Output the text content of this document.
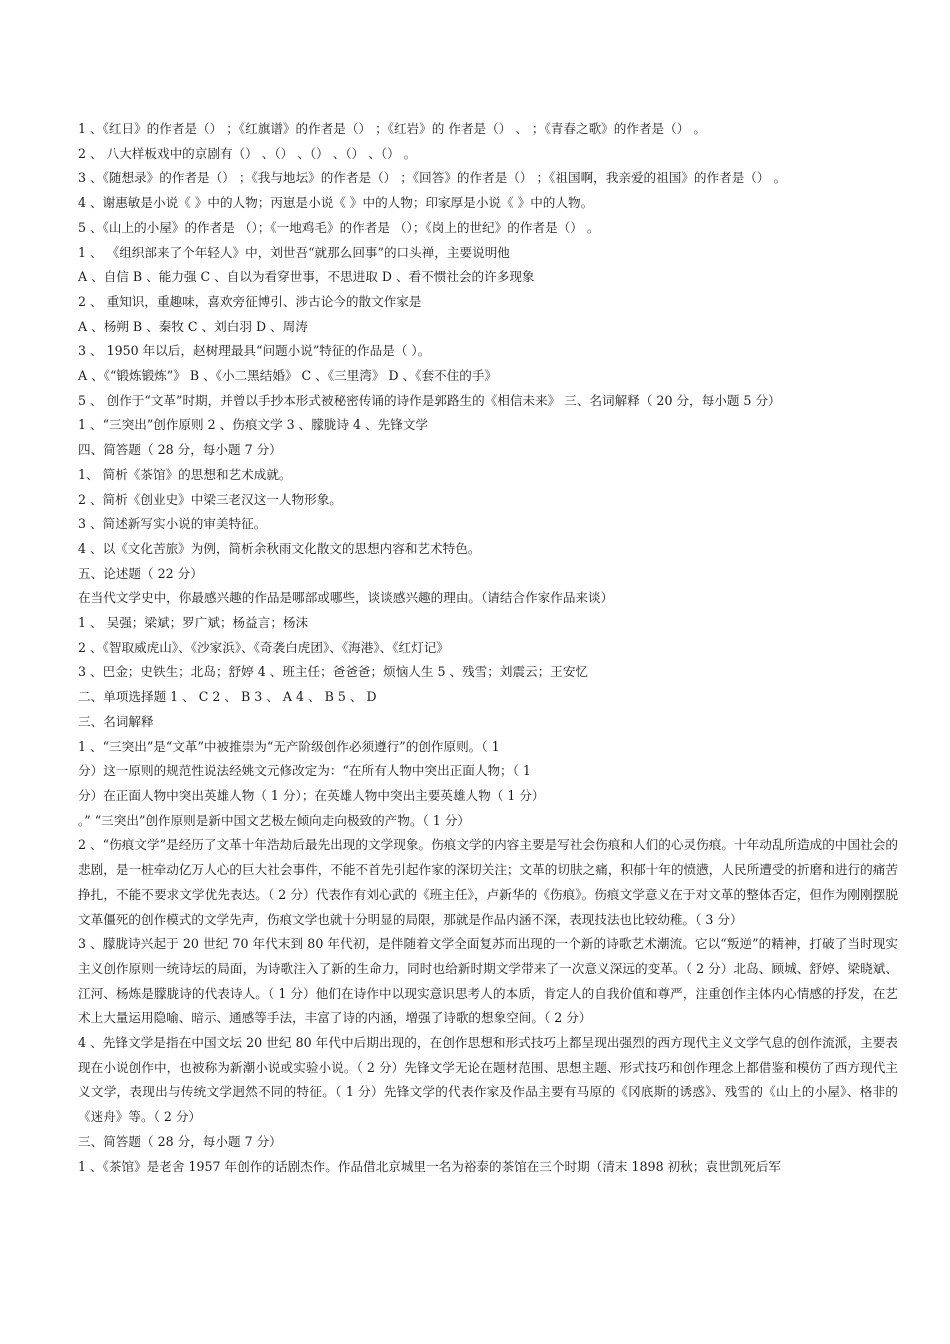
1 、《红日》的作者是（） ；《红旗谱》的作者是（） ；《红岩》的 作者是（） 、 ；《青春之歌》的作者是（） 。
2 、 八大样板戏中的京剧有（） 、（） 、（） 、（） 、（） 。
3 、《随想录》的作者是（） ；《我与地坛》的作者是（） ；《回答》的作者是（） ；《祖国啊，我亲爱的祖国》的作者是（） 。
4 、谢惠敏是小说《 》中的人物；丙崽是小说《 》中的人物；印家厚是小说《 》中的人物。
5 、《山上的小屋》的作者是 （）；《一地鸡毛》的作者是 （）；《岗上的世纪》的作者是（） 。
1 、 《组织部来了个年轻人》中，刘世吾“就那么回事”的口头禅，主要说明他
A 、自信 B 、能力强 C 、自以为看穿世事，不思进取 D 、看不惯社会的许多现象
2 、 重知识，重趣味，喜欢旁征博引、涉古论今的散文作家是
A 、杨朔 B 、秦牧 C 、刘白羽 D 、周涛
3 、 1950 年以后，赵树理最具“问题小说”特征的作品是（ ）。
A 、《“锻炼锻炼”》 B 、《小二黑结婚》 C 、《三里湾》 D 、《套不住的手》
5 、 创作于“文革”时期，并曾以手抄本形式被秘密传诵的诗作是郭路生的《相信未来》 三、名词解释（ 20 分，每小题 5 分）
1 、“三突出”创作原则 2 、伤痕文学 3 、朦胧诗 4 、先锋文学
四、简答题（ 28 分，每小题 7 分）
1、 简析《茶馆》的思想和艺术成就。
2 、简析《创业史》中梁三老汉这一人物形象。
3 、简述新写实小说的审美特征。
4 、以《文化苦旅》为例，简析余秋雨文化散文的思想内容和艺术特色。
五、论述题（ 22 分）
在当代文学史中，你最感兴趣的作品是哪部或哪些，谈谈感兴趣的理由。（请结合作家作品来谈）
1 、 吴强；梁斌；罗广斌；杨益言；杨沫
2 、《智取威虎山》、《沙家浜》、《奇袭白虎团》、《海港》、《红灯记》
3 、巴金；史铁生；北岛；舒婷 4 、班主任；爸爸爸；烦恼人生 5 、残雪；刘震云；王安忆
二、单项选择题 1 、 C 2 、 B 3 、 A 4 、 B 5 、 D
三、名词解释
1 、“三突出”是“文革”中被推崇为“无产阶级创作必须遵行”的创作原则。（ 1
分）这一原则的规范性说法经姚文元修改定为：“在所有人物中突出正面人物；（ 1
分）在正面人物中突出英雄人物（ 1 分）；在英雄人物中突出主要英雄人物（ 1 分）
。” “三突出”创作原则是新中国文艺极左倾向走向极致的产物。（ 1 分）
2 、“伤痕文学”是经历了文革十年浩劫后最先出现的文学现象。伤痕文学的内容主要是写社会伤痕和人们的心灵伤痕。十年动乱所造成的中国社会的悲剧，是一桩牵动亿万人心的巨大社会事件，不能不首先引起作家的深切关注；文革的切肤之痛，积郁十年的愤懑，人民所遭受的折磨和进行的痛苦挣扎，不能不要求文学优先表达。（ 2 分）代表作有刘心武的《班主任》，卢新华的《伤痕》。伤痕文学意义在于对文革的整体否定，但作为刚刚摆脱文革僵死的创作模式的文学先声，伤痕文学也就十分明显的局限，那就是作品内涵不深，表现技法也比较幼稚。（ 3 分）
3 、朦胧诗兴起于 20 世纪 70 年代末到 80 年代初，是伴随着文学全面复苏而出现的一个新的诗歌艺术潮流。它以“叛逆”的精神，打破了当时现实主义创作原则一统诗坛的局面，为诗歌注入了新的生命力，同时也给新时期文学带来了一次意义深远的变革。（ 2 分）北岛、顾城、舒婷、梁晓斌、江河、杨炼是朦胧诗的代表诗人。（ 1 分）他们在诗作中以现实意识思考人的本质，肯定人的自我价值和尊严，注重创作主体内心情感的抒发，在艺术上大量运用隐喻、暗示、通感等手法，丰富了诗的内涵，增强了诗歌的想象空间。（ 2 分）
4 、先锋文学是指在中国文坛 20 世纪 80 年代中后期出现的，在创作思想和形式技巧上都呈现出强烈的西方现代主义文学气息的创作流派，主要表现在小说创作中，也被称为新潮小说或实验小说。（ 2 分）先锋文学无论在题材范围、思想主题、形式技巧和创作理念上都借鉴和模仿了西方现代主义文学，表现出与传统文学迥然不同的特征。（ 1 分）先锋文学的代表作家及作品主要有马原的《冈底斯的诱惑》、残雪的《山上的小屋》、格非的《迷舟》等。（ 2 分）
三、简答题（ 28 分，每小题 7 分）
1 、《茶馆》是老舍 1957 年创作的话剧杰作。作品借北京城里一名为裕泰的茶馆在三个时期（清末 1898 初秋；袁世凯死后军
